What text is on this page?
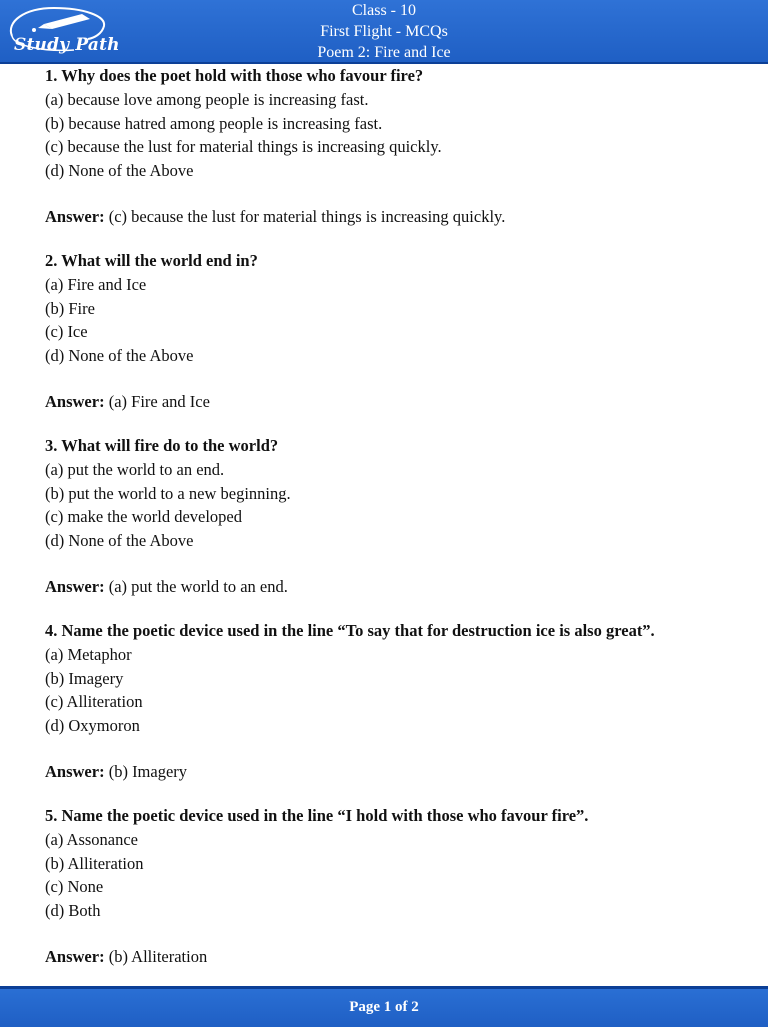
Study Path
Class - 10
First Flight - MCQs
Poem 2: Fire and Ice
1. Why does the poet hold with those who favour fire?
(a) because love among people is increasing fast.
(b) because hatred among people is increasing fast.
(c) because the lust for material things is increasing quickly.
(d) None of the Above
Answer: (c) because the lust for material things is increasing quickly.
2. What will the world end in?
(a) Fire and Ice
(b) Fire
(c) Ice
(d) None of the Above
Answer: (a) Fire and Ice
3. What will fire do to the world?
(a) put the world to an end.
(b) put the world to a new beginning.
(c) make the world developed
(d) None of the Above
Answer: (a) put the world to an end.
4. Name the poetic device used in the line “To say that for destruction ice is also great”.
(a) Metaphor
(b) Imagery
(c) Alliteration
(d) Oxymoron
Answer: (b) Imagery
5. Name the poetic device used in the line “I hold with those who favour fire”.
(a) Assonance
(b) Alliteration
(c) None
(d) Both
Answer: (b) Alliteration
Page 1 of 2
